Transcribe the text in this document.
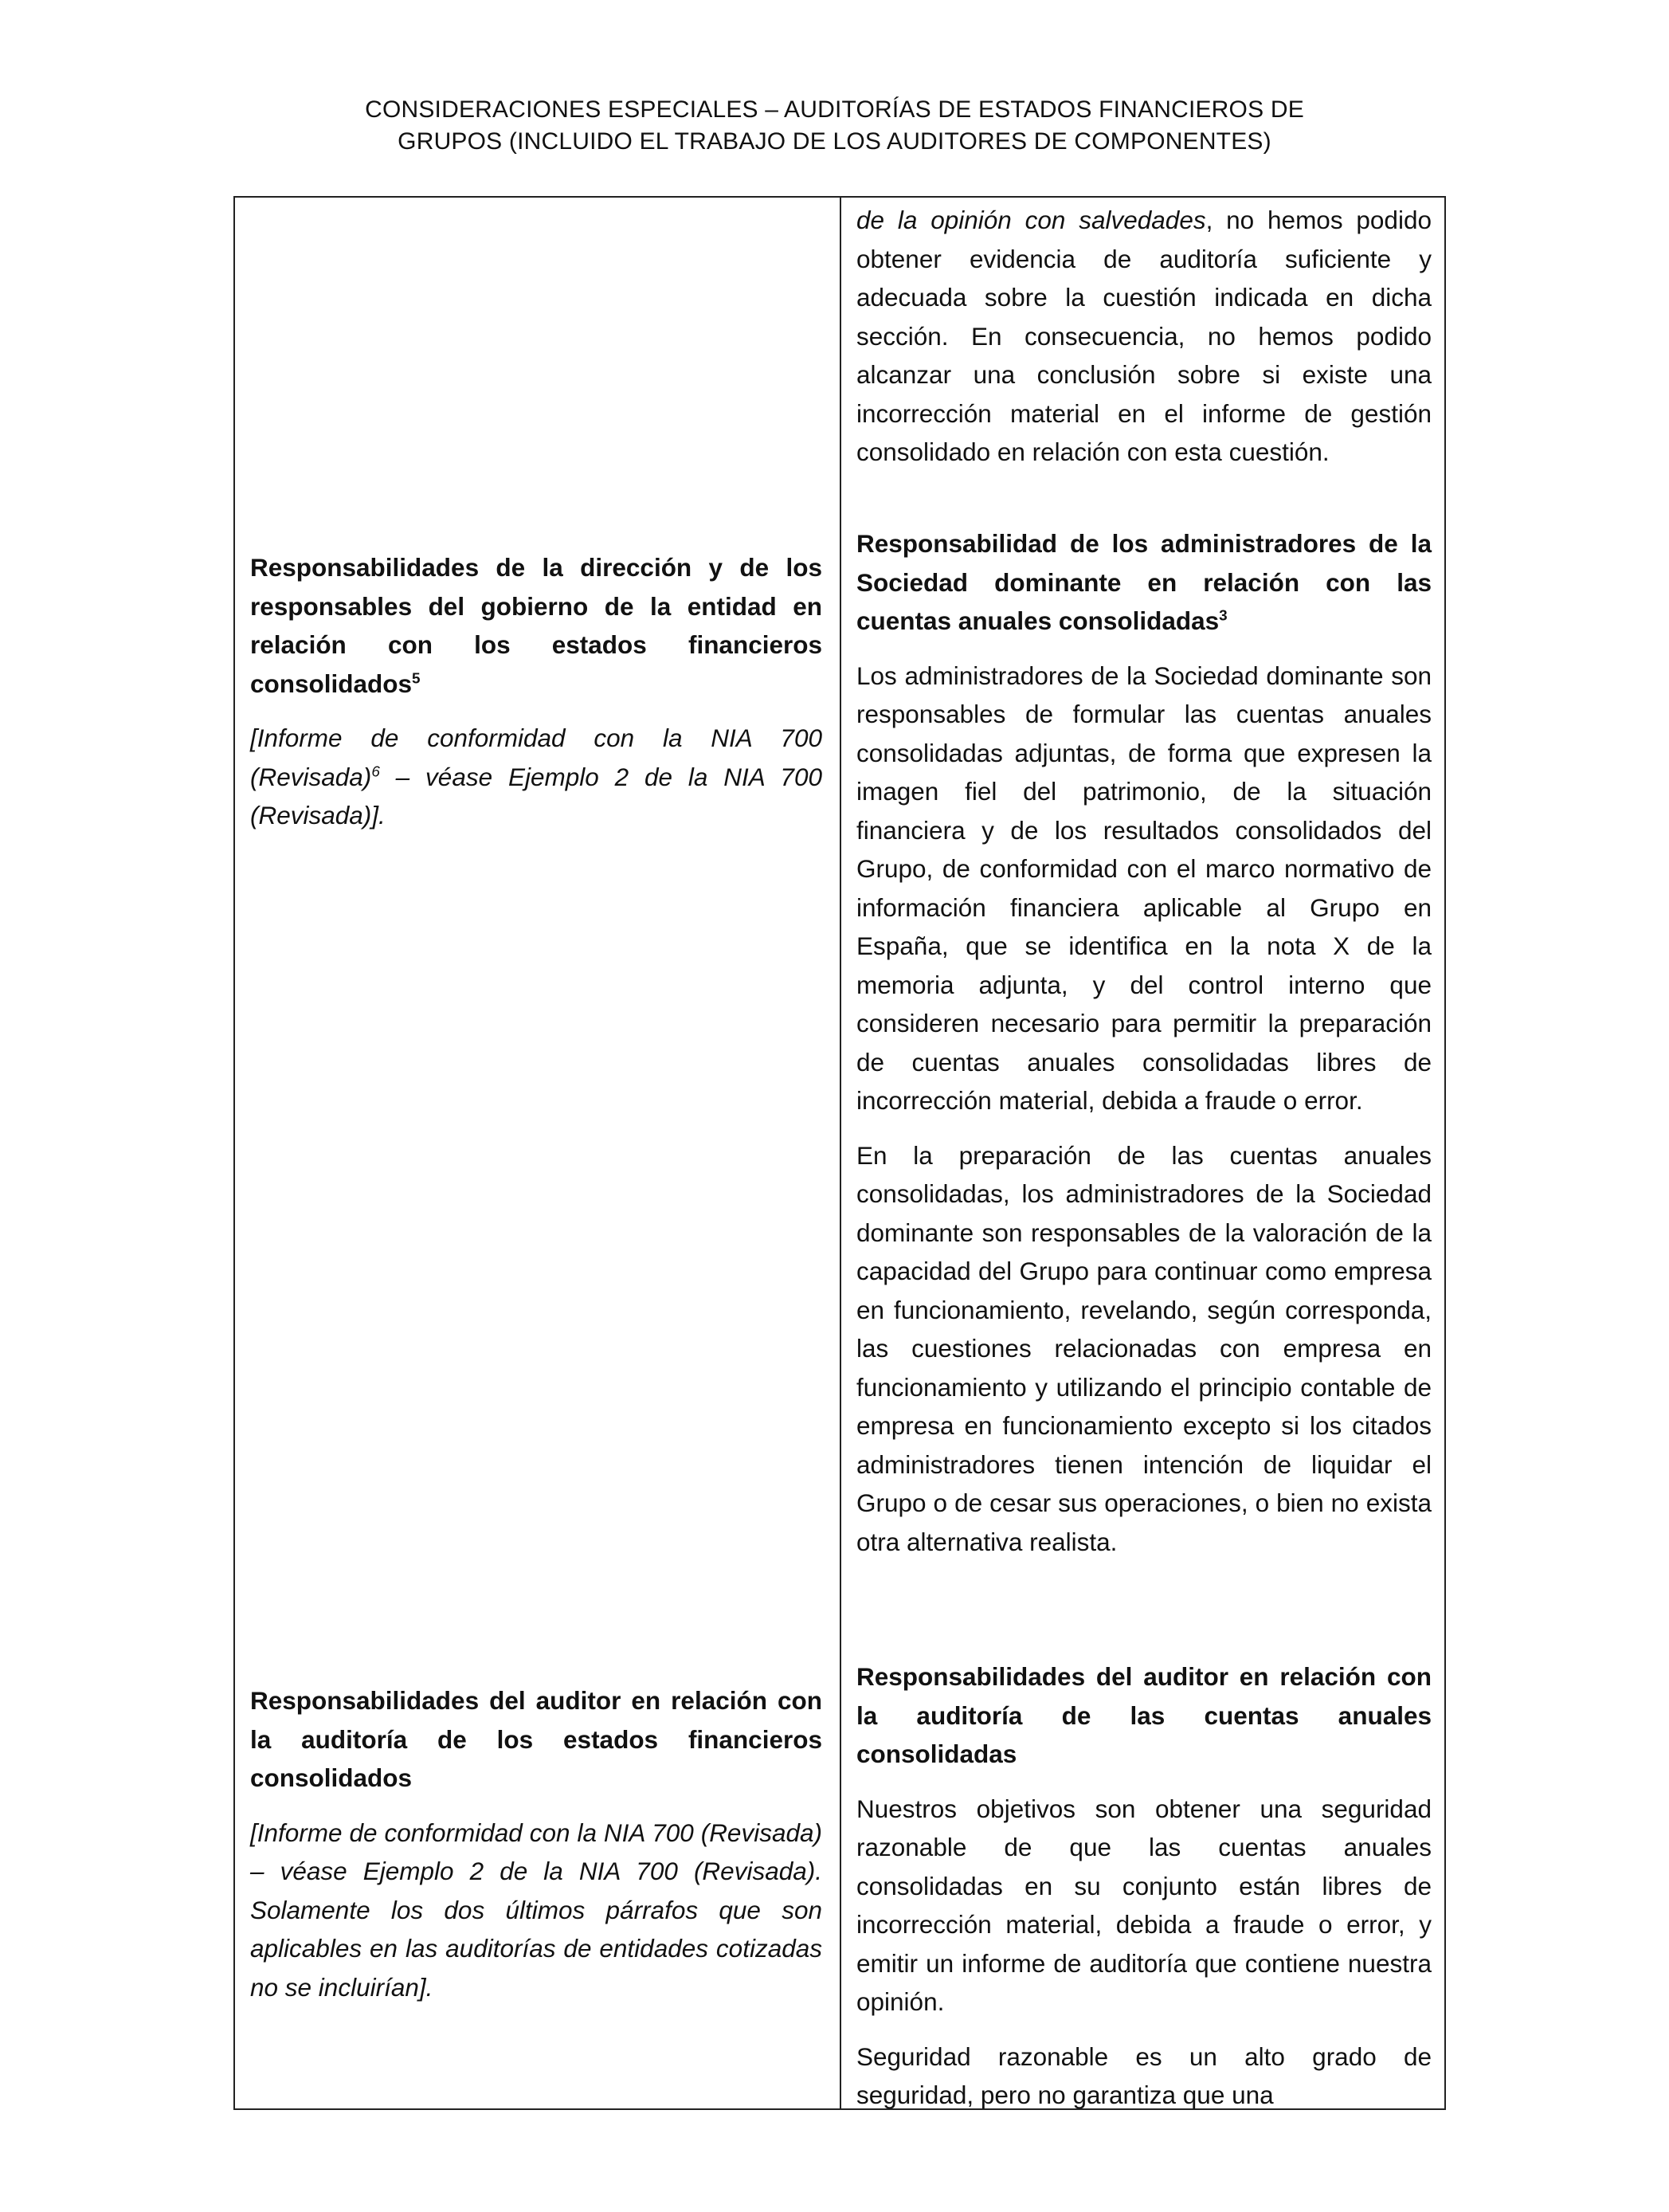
CONSIDERACIONES ESPECIALES – AUDITORÍAS DE ESTADOS FINANCIEROS DE
GRUPOS (INCLUIDO EL TRABAJO DE LOS AUDITORES DE COMPONENTES)

de la opinión con salvedades, no hemos podido obtener evidencia de auditoría suficiente y adecuada sobre la cuestión indicada en dicha sección. En consecuencia, no hemos podido alcanzar una conclusión sobre si existe una incorrección material en el informe de gestión consolidado en relación con esta cuestión.

Responsabilidades de la dirección y de los responsables del gobierno de la entidad en relación con los estados financieros consolidados$^5$

[Informe de conformidad con la NIA 700 (Revisada)$^6$ – véase Ejemplo 2 de la NIA 700 (Revisada)].

Responsabilidad de los administradores de la Sociedad dominante en relación con las cuentas anuales consolidadas$^3$

Los administradores de la Sociedad dominante son responsables de formular las cuentas anuales consolidadas adjuntas, de forma que expresen la imagen fiel del patrimonio, de la situación financiera y de los resultados consolidados del Grupo, de conformidad con el marco normativo de información financiera aplicable al Grupo en España, que se identifica en la nota X de la memoria adjunta, y del control interno que consideren necesario para permitir la preparación de cuentas anuales consolidadas libres de incorrección material, debida a fraude o error.

En la preparación de las cuentas anuales consolidadas, los administradores de la Sociedad dominante son responsables de la valoración de la capacidad del Grupo para continuar como empresa en funcionamiento, revelando, según corresponda, las cuestiones relacionadas con empresa en funcionamiento y utilizando el principio contable de empresa en funcionamiento excepto si los citados administradores tienen intención de liquidar el Grupo o de cesar sus operaciones, o bien no exista otra alternativa realista.

Responsabilidades del auditor en relación con la auditoría de los estados financieros consolidados

[Informe de conformidad con la NIA 700 (Revisada) – véase Ejemplo 2 de la NIA 700 (Revisada). Solamente los dos últimos párrafos que son aplicables en las auditorías de entidades cotizadas no se incluirían].

Responsabilidades del auditor en relación con la auditoría de las cuentas anuales consolidadas

Nuestros objetivos son obtener una seguridad razonable de que las cuentas anuales consolidadas en su conjunto están libres de incorrección material, debida a fraude o error, y emitir un informe de auditoría que contiene nuestra opinión.

Seguridad razonable es un alto grado de seguridad, pero no garantiza que una
